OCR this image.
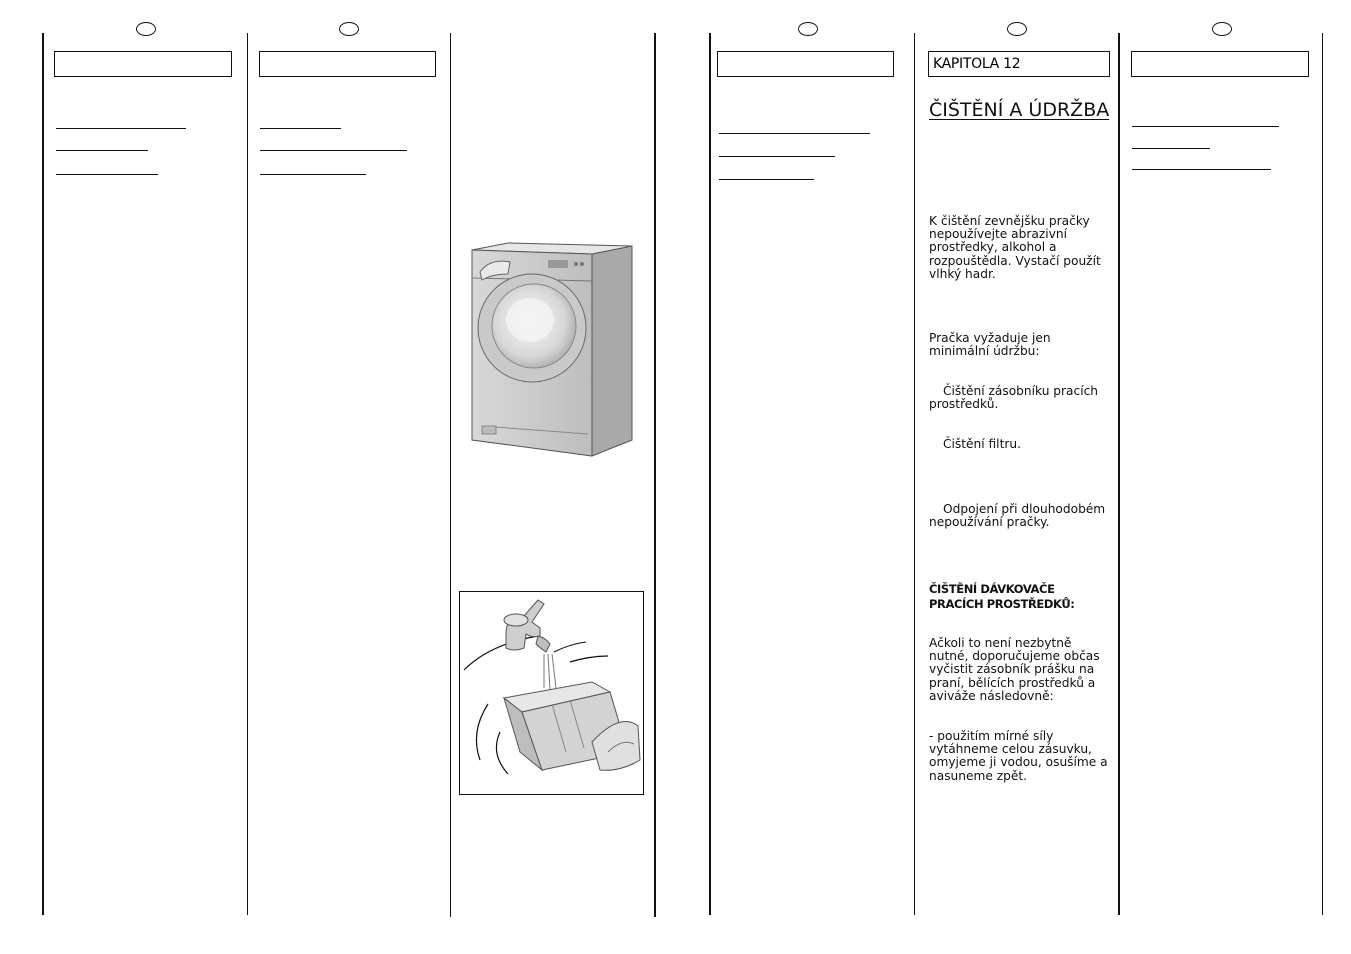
KAPITOLA 12
ČIŠTĚNÍ A ÚDRŽBA

K čištění zevnějšku pračky nepoužívejte abrazivní prostředky, alkohol a rozpouštědla. Vystačí použít vlhký hadr.

Pračka vyžaduje jen minimální údržbu:

Čištění zásobníku pracích prostředků.

Čištění filtru.

Odpojení při dlouhodobém nepoužívání pračky.

ČIŠTĚNÍ DÁVKOVAČE PRACÍCH PROSTŘEDKŮ:

Ačkoli to není nezbytně nutné, doporučujeme občas vyčistit zásobník prášku na praní, bělících prostředků a aviváže následovně:

- použitím mírné síly vytáhneme celou zásuvku, omyjeme ji vodou, osušíme a nasuneme zpět.
